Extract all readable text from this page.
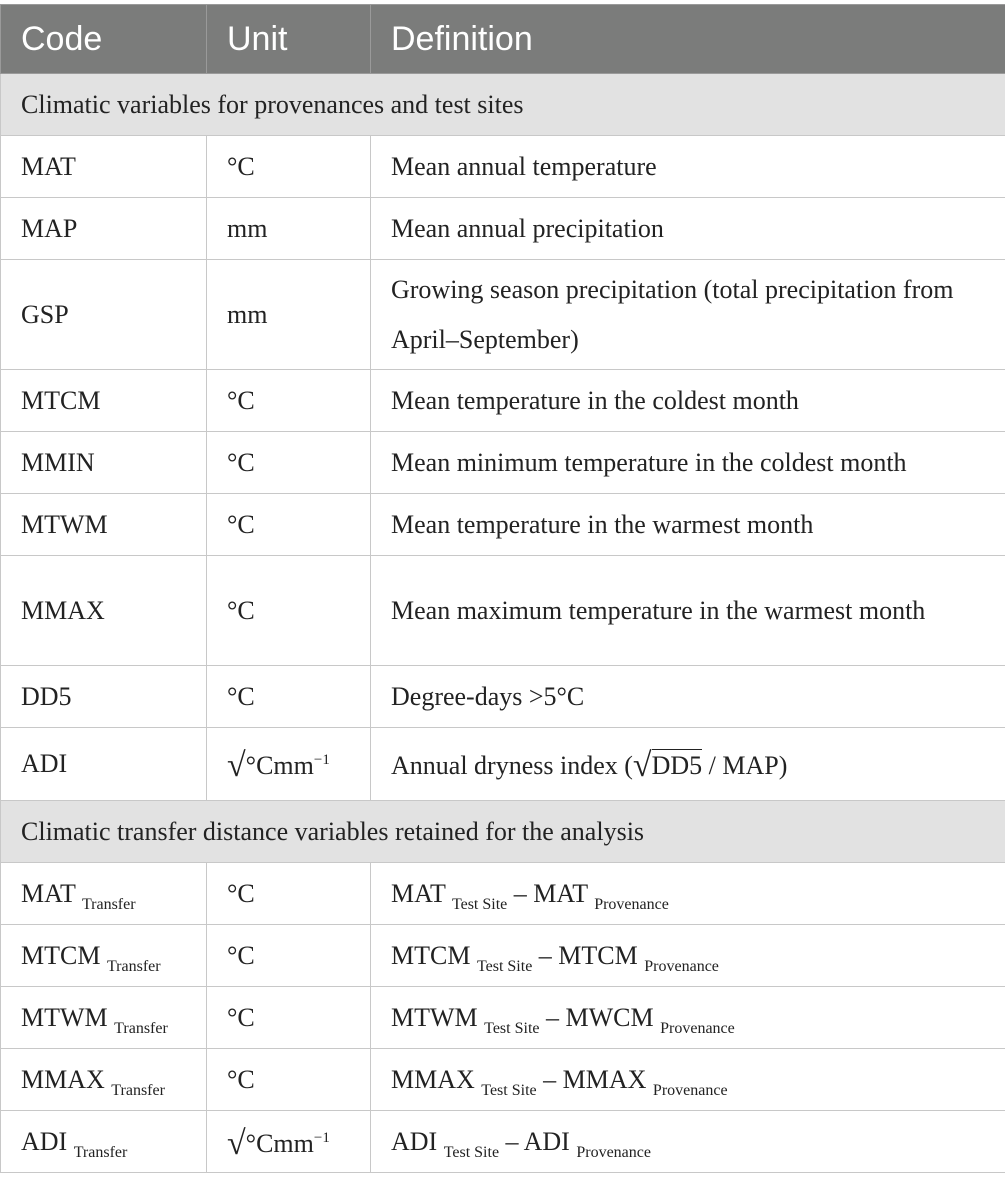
Code	Unit	Definition
Climatic variables for provenances and test sites		
MAT	°C	Mean annual temperature
MAP	mm	Mean annual precipitation
GSP	mm	Growing season precipitation (total precipitation from April–September)
MTCM	°C	Mean temperature in the coldest month
MMIN	°C	Mean minimum temperature in the coldest month
MTWM	°C	Mean temperature in the warmest month
MMAX	°C	Mean maximum temperature in the warmest month
DD5	°C	Degree-days >5°C
ADI	√°Cmm$^{-1}$	Annual dryness index (√DD5 / MAP)
Climatic transfer distance variables retained for the analysis		
MAT $_{Transfer}$	°C	MAT $_{Test Site}$ – MAT $_{Provenance}$
MTCM $_{Transfer}$	°C	MTCM $_{Test Site}$ – MTCM $_{Provenance}$
MTWM $_{Transfer}$	°C	MTWM $_{Test Site}$ – MWCM $_{Provenance}$
MMAX $_{Transfer}$	°C	MMAX $_{Test Site}$ – MMAX $_{Provenance}$
ADI $_{Transfer}$	√°Cmm$^{-1}$	ADI $_{Test Site}$ – ADI $_{Provenance}$
